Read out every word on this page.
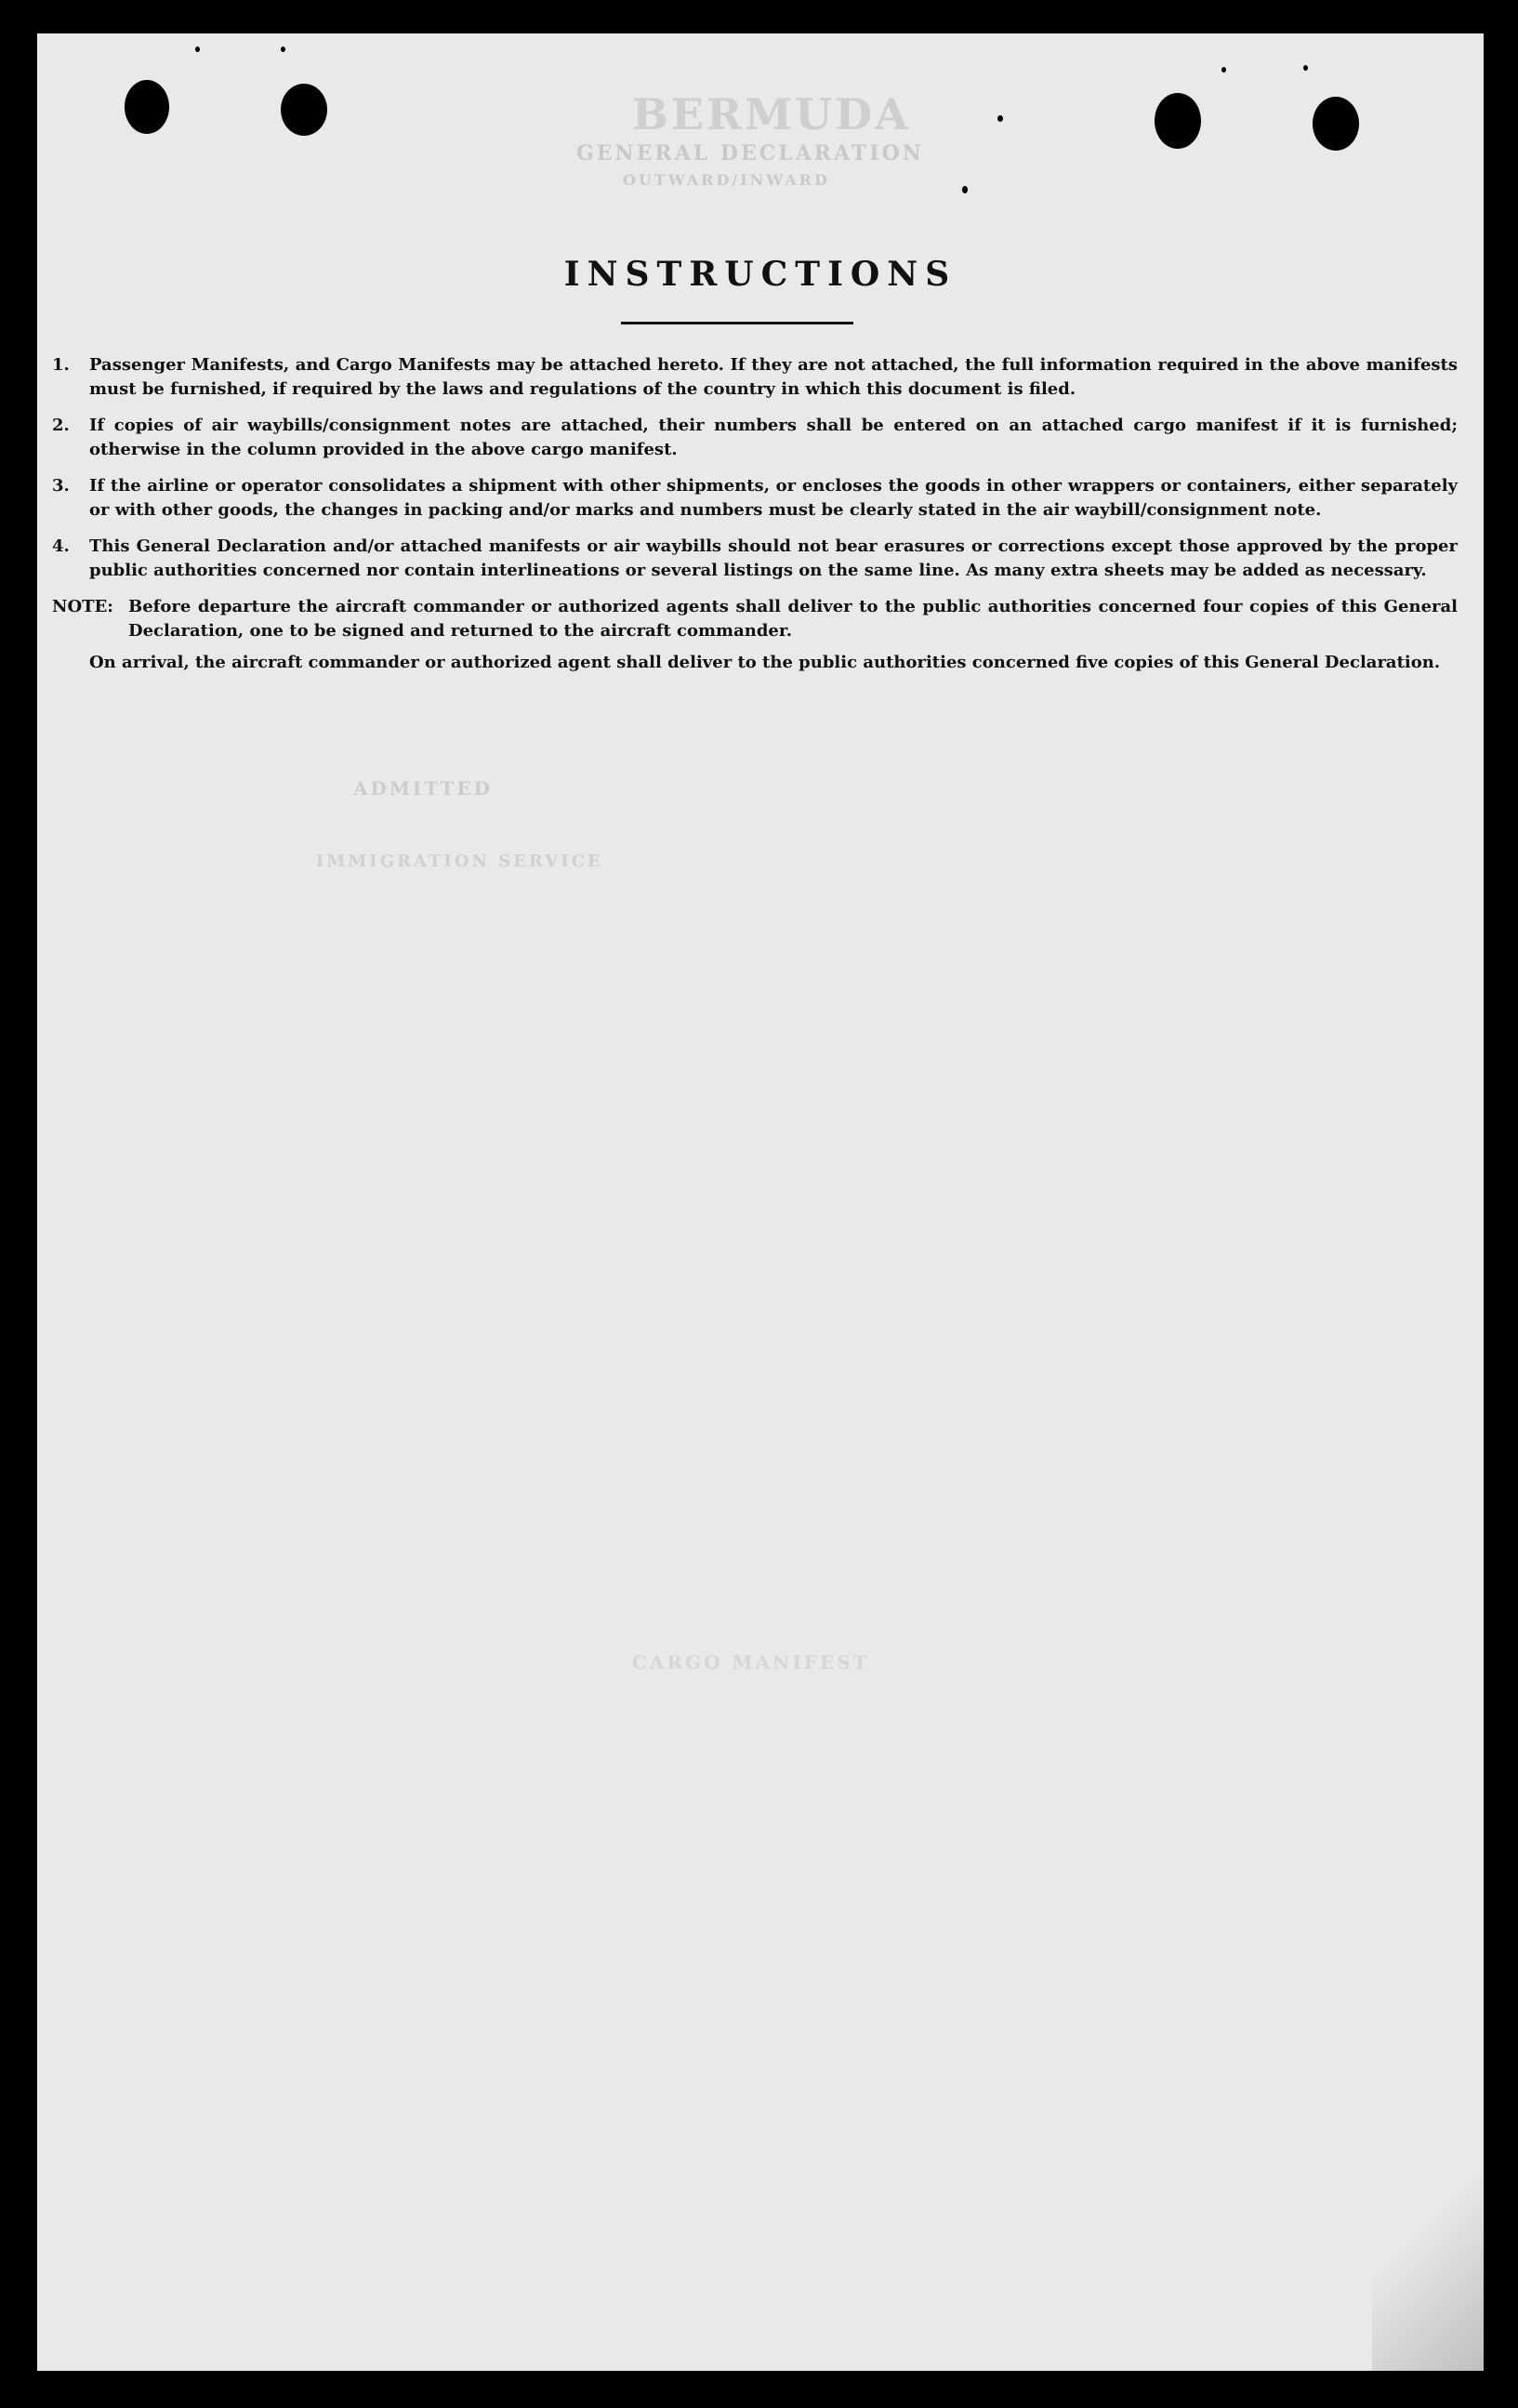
BERMUDA
GENERAL DECLARATION
OUTWARD/INWARD
ADMITTED
IMMIGRATION SERVICE
CARGO MANIFEST
INSTRUCTIONS
1.	Passenger Manifests, and Cargo Manifests may be attached hereto. If they are not attached, the full information required in the above manifests must be furnished, if required by the laws and regulations of the country in which this document is filed.
2.	If copies of air waybills/consignment notes are attached, their numbers shall be entered on an attached cargo manifest if it is furnished; otherwise in the column provided in the above cargo manifest.
3.	If the airline or operator consolidates a shipment with other shipments, or encloses the goods in other wrappers or containers, either separately or with other goods, the changes in packing and/or marks and numbers must be clearly stated in the air waybill/consignment note.
4.	This General Declaration and/or attached manifests or air waybills should not bear erasures or corrections except those approved by the proper public authorities concerned nor contain interlineations or several listings on the same line. As many extra sheets may be added as necessary.
NOTE: Before departure the aircraft commander or authorized agents shall deliver to the public authorities concerned four copies of this General Declaration, one to be signed and returned to the aircraft commander.

On arrival, the aircraft commander or authorized agent shall deliver to the public authorities concerned five copies of this General Declaration.
